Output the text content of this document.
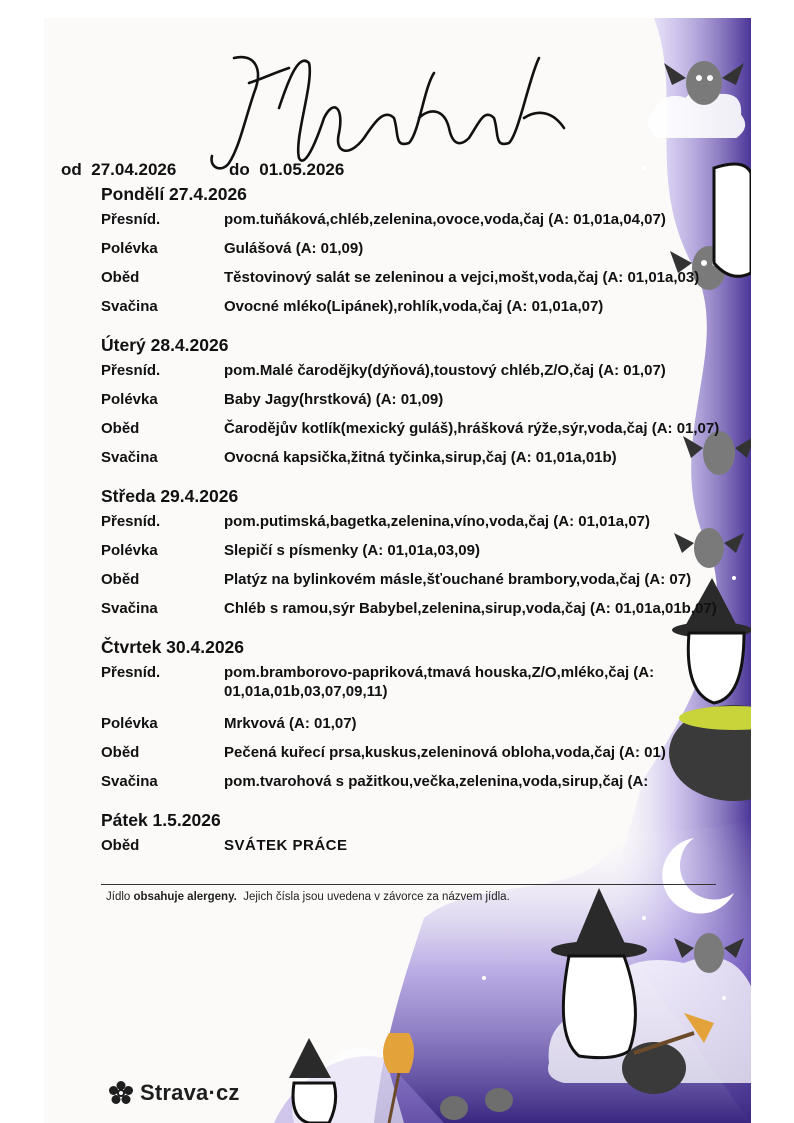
Jídelníček
od 27.04.2026	do 01.05.2026
Pondělí 27.4.2026
Přesníd.	pom.tuňáková,chléb,zelenina,ovoce,voda,čaj (A: 01,01a,04,07)
Polévka	Gulášová (A: 01,09)
Oběd	Těstovinový salát se zeleninou a vejci,mošt,voda,čaj (A: 01,01a,03)
Svačina	Ovocné mléko(Lipánek),rohlík,voda,čaj (A: 01,01a,07)
Úterý 28.4.2026
Přesníd.	pom.Malé čarodějky(dýňová),toustový chléb,Z/O,čaj (A: 01,07)
Polévka	Baby Jagy(hrstková) (A: 01,09)
Oběd	Čarodějův kotlík(mexický guláš),hrášková rýže,sýr,voda,čaj (A: 01,07)
Svačina	Ovocná kapsička,žitná tyčinka,sirup,čaj (A: 01,01a,01b)
Středa 29.4.2026
Přesníd.	pom.putimská,bagetka,zelenina,víno,voda,čaj (A: 01,01a,07)
Polévka	Slepičí s písmenky (A: 01,01a,03,09)
Oběd	Platýz na bylinkovém másle,šťouchané brambory,voda,čaj (A: 07)
Svačina	Chléb s ramou,sýr Babybel,zelenina,sirup,voda,čaj (A: 01,01a,01b,07)
Čtvrtek 30.4.2026
Přesníd.	pom.bramborovo-papriková,tmavá houska,Z/O,mléko,čaj (A: 01,01a,01b,03,07,09,11)
Polévka	Mrkvová (A: 01,07)
Oběd	Pečená kuřecí prsa,kuskus,zeleninová obloha,voda,čaj (A: 01)
Svačina	pom.tvarohová s pažitkou,večka,zelenina,voda,sirup,čaj (A:
Pátek 1.5.2026
Oběd	SVÁTEK PRÁCE
Jídlo obsahuje alergeny. Jejich čísla jsou uvedena v závorce za názvem jídla.
Strava·cz
